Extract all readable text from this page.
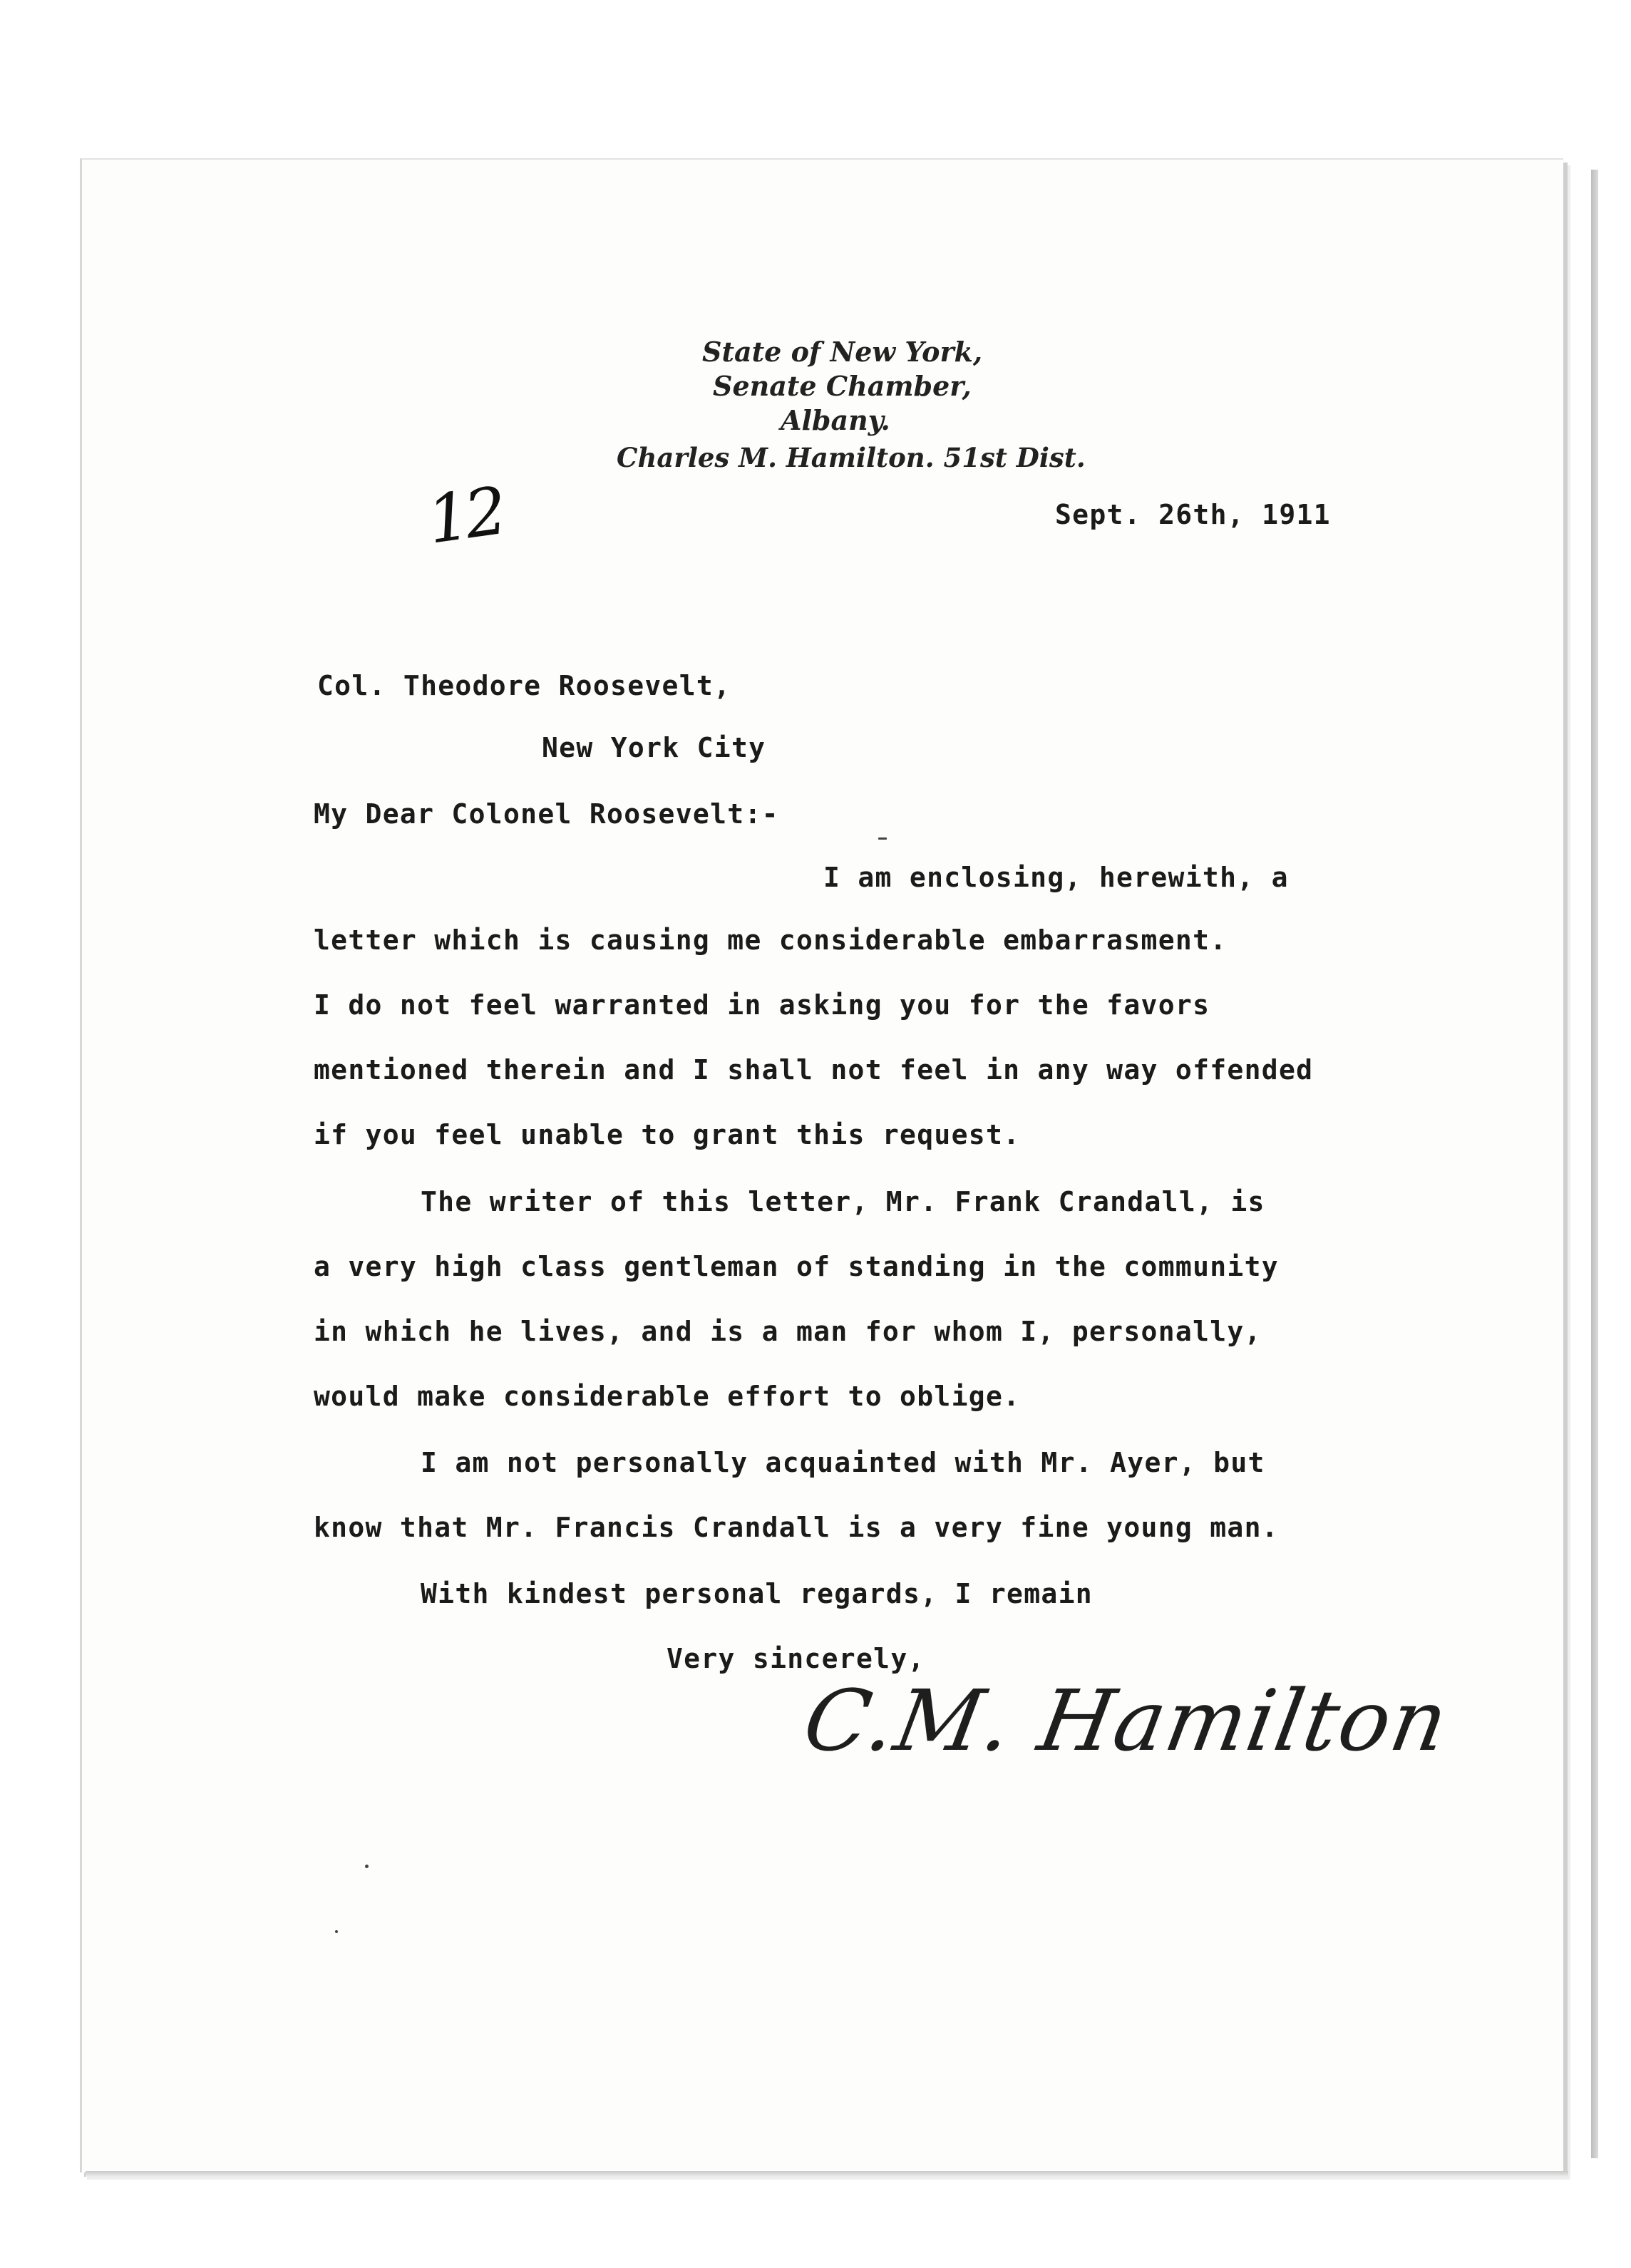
State of New York,
Senate Chamber,
Albany.
Charles M. Hamilton. 51st Dist.
12	Sept. 26th, 1911
Col. Theodore Roosevelt,
New York City
My Dear Colonel Roosevelt:-
I am enclosing, herewith, a
letter which is causing me considerable embarrasment.
I do not feel warranted in asking you for the favors
mentioned therein and I shall not feel in any way offended
if you feel unable to grant this request.
The writer of this letter, Mr. Frank Crandall, is
a very high class gentleman of standing in the community
in which he lives, and is a man for whom I, personally,
would make considerable effort to oblige.
I am not personally acquainted with Mr. Ayer, but
know that Mr. Francis Crandall is a very fine young man.
With kindest personal regards, I remain
Very sincerely,
C.M. Hamilton
